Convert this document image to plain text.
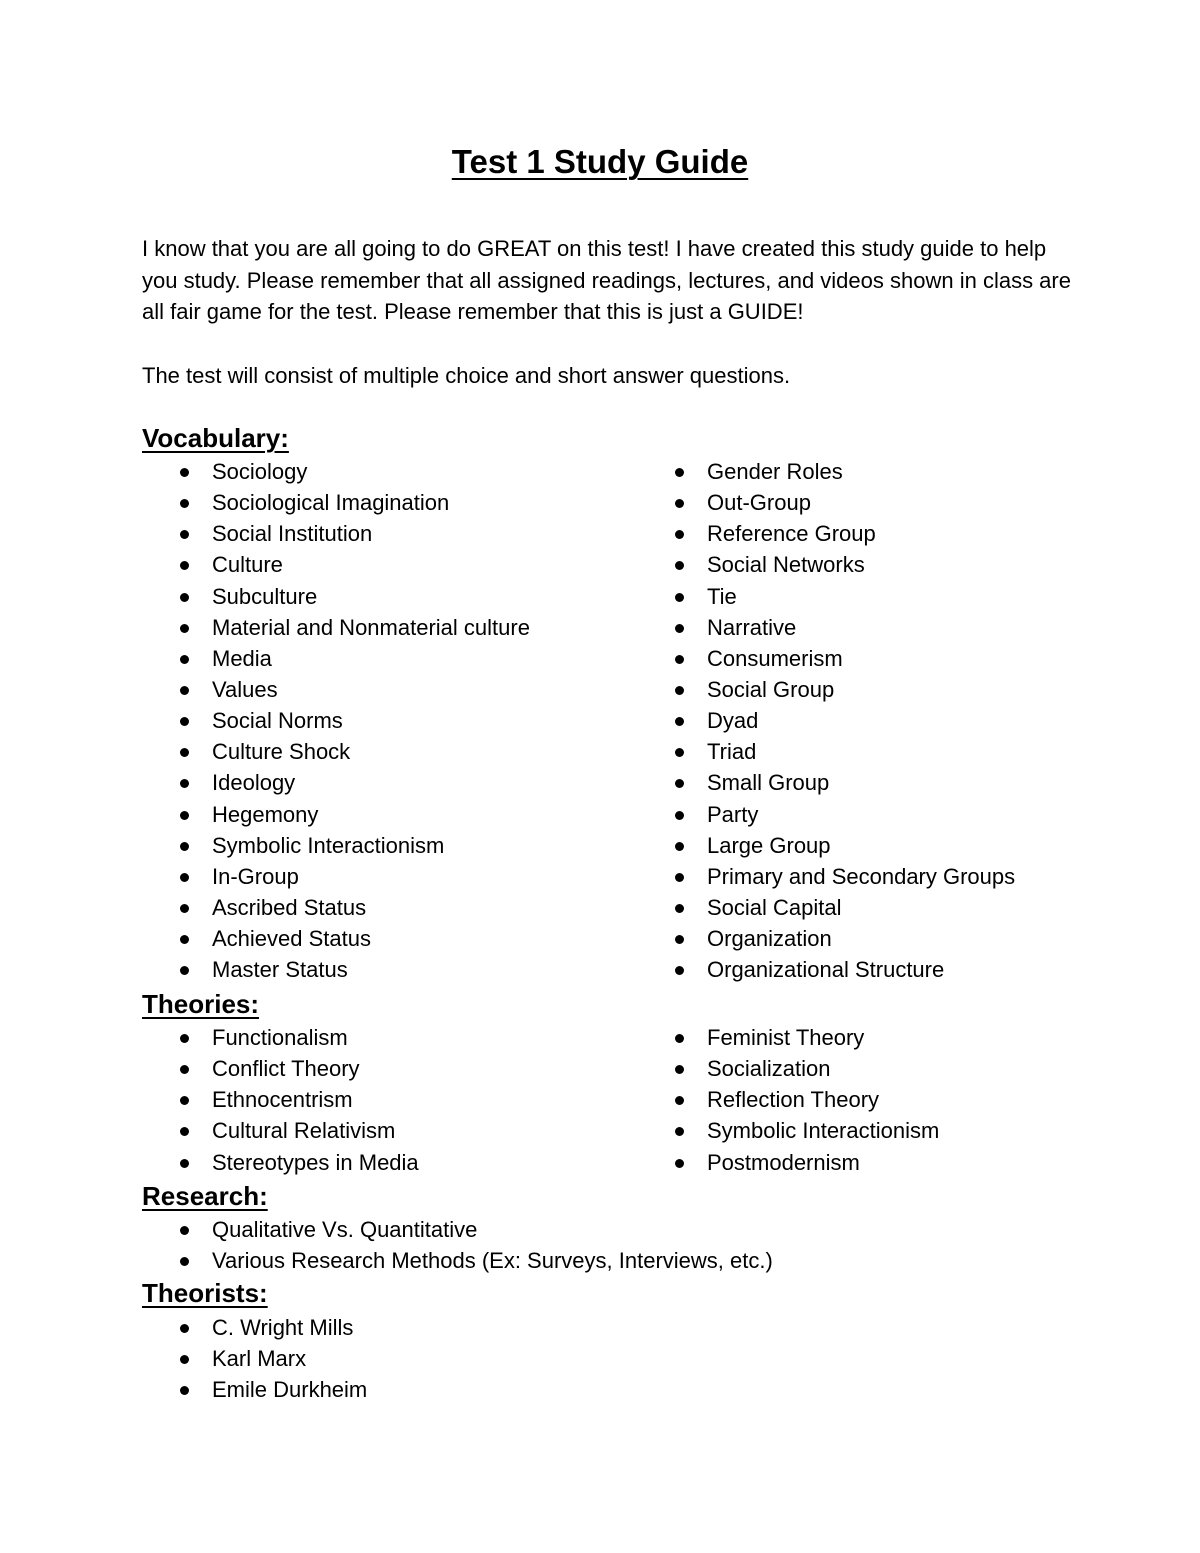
Test 1 Study Guide

I know that you are all going to do GREAT on this test! I have created this study guide to help you study. Please remember that all assigned readings, lectures, and videos shown in class are all fair game for the test. Please remember that this is just a GUIDE!

The test will consist of multiple choice and short answer questions.

Vocabulary:
Sociology
Sociological Imagination
Social Institution
Culture
Subculture
Material and Nonmaterial culture
Media
Values
Social Norms
Culture Shock
Ideology
Hegemony
Symbolic Interactionism
In-Group
Ascribed Status
Achieved Status
Master Status
Gender Roles
Out-Group
Reference Group
Social Networks
Tie
Narrative
Consumerism
Social Group
Dyad
Triad
Small Group
Party
Large Group
Primary and Secondary Groups
Social Capital
Organization
Organizational Structure
Theories:
Functionalism
Conflict Theory
Ethnocentrism
Cultural Relativism
Stereotypes in Media
Feminist Theory
Socialization
Reflection Theory
Symbolic Interactionism
Postmodernism
Research:
Qualitative Vs. Quantitative
Various Research Methods (Ex: Surveys, Interviews, etc.)
Theorists:
C. Wright Mills
Karl Marx
Emile Durkheim
